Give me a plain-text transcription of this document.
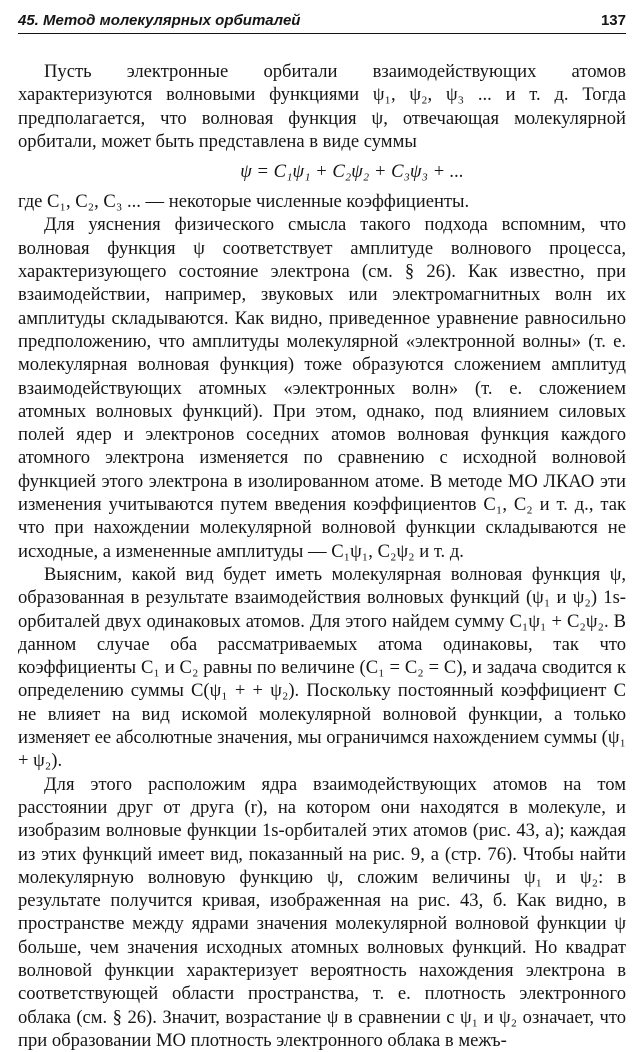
45. Метод молекулярных орбиталей	137

Пусть электронные орбитали взаимодействующих атомов характеризуются волновыми функциями ψ₁, ψ₂, ψ₃ ... и т. д. Тогда предполагается, что волновая функция ψ, отвечающая молекулярной орбитали, может быть представлена в виде суммы

ψ = C₁ψ₁ + C₂ψ₂ + C₃ψ₃ + ...

где C₁, C₂, C₃ ... — некоторые численные коэффициенты.

Для уяснения физического смысла такого подхода вспомним, что волновая функция ψ соответствует амплитуде волнового процесса, характеризующего состояние электрона (см. § 26). Как известно, при взаимодействии, например, звуковых или электромагнитных волн их амплитуды складываются. Как видно, приведенное уравнение равносильно предположению, что амплитуды молекулярной «электронной волны» (т. е. молекулярная волновая функция) тоже образуются сложением амплитуд взаимодействующих атомных «электронных волн» (т. е. сложением атомных волновых функций). При этом, однако, под влиянием силовых полей ядер и электронов соседних атомов волновая функция каждого атомного электрона изменяется по сравнению с исходной волновой функцией этого электрона в изолированном атоме. В методе МО ЛКАО эти изменения учитываются путем введения коэффициентов C₁, C₂ и т. д., так что при нахождении молекулярной волновой функции складываются не исходные, а измененные амплитуды — C₁ψ₁, C₂ψ₂ и т. д.

Выясним, какой вид будет иметь молекулярная волновая функция ψ, образованная в результате взаимодействия волновых функций (ψ₁ и ψ₂) 1s-орбиталей двух одинаковых атомов. Для этого найдем сумму C₁ψ₁ + C₂ψ₂. В данном случае оба рассматриваемых атома одинаковы, так что коэффициенты C₁ и C₂ равны по величине (C₁ = C₂ = C), и задача сводится к определению суммы C(ψ₁ + + ψ₂). Поскольку постоянный коэффициент C не влияет на вид искомой молекулярной волновой функции, а только изменяет ее абсолютные значения, мы ограничимся нахождением суммы (ψ₁ + ψ₂).

Для этого расположим ядра взаимодействующих атомов на том расстоянии друг от друга (r), на котором они находятся в молекуле, и изобразим волновые функции 1s-орбиталей этих атомов (рис. 43, а); каждая из этих функций имеет вид, показанный на рис. 9, а (стр. 76). Чтобы найти молекулярную волновую функцию ψ, сложим величины ψ₁ и ψ₂: в результате получится кривая, изображенная на рис. 43, б. Как видно, в пространстве между ядрами значения молекулярной волновой функции ψ больше, чем значения исходных атомных волновых функций. Но квадрат волновой функции характеризует вероятность нахождения электрона в соответствующей области пространства, т. е. плотность электронного облака (см. § 26). Значит, возрастание ψ в сравнении с ψ₁ и ψ₂ означает, что при образовании МО плотность электронного облака в межъ-
